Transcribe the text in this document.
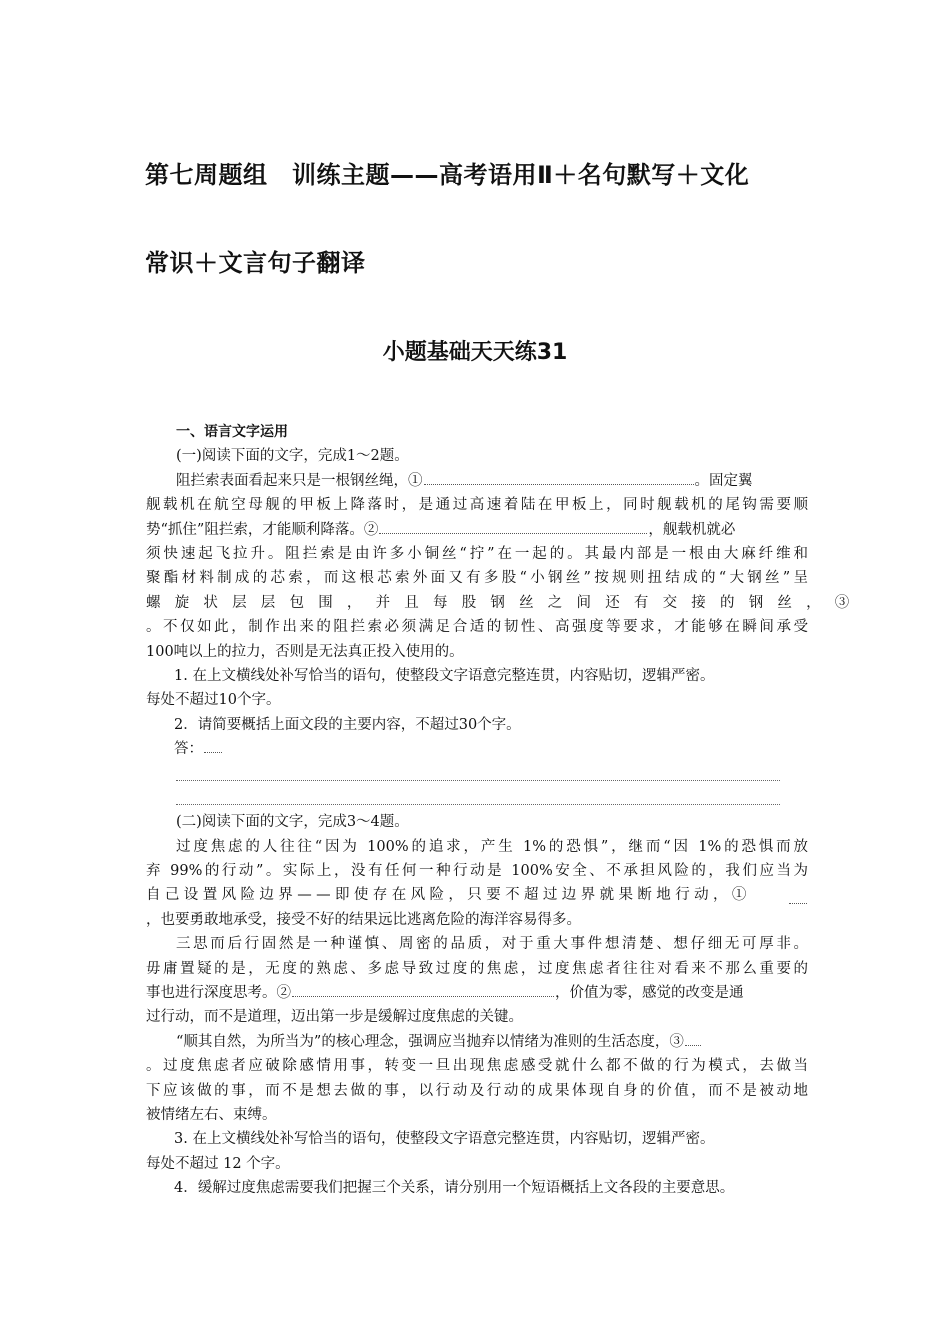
第七周题组　训练主题——高考语用Ⅱ＋名句默写＋文化
常识＋文言句子翻译
小题基础天天练31
一、语言文字运用
(一)阅读下面的文字，完成1～2题。
阻拦索表面看起来只是一根钢丝绳，①	。固定翼
舰载机在航空母舰的甲板上降落时，是通过高速着陆在甲板上，同时舰载机的尾钩需要顺
势“抓住”阻拦索，才能顺利降落。②	，舰载机就必
须快速起飞拉升。阻拦索是由许多小铜丝“拧”在一起的。其最内部是一根由大麻纤维和
聚酯材料制成的芯索，而这根芯索外面又有多股“小钢丝”按规则扭结成的“大钢丝”呈
螺旋状层层包围，并且每股钢丝之间还有交接的钢丝，③
。不仅如此，制作出来的阻拦索必须满足合适的韧性、高强度等要求，才能够在瞬间承受
100吨以上的拉力，否则是无法真正投入使用的。
1. 在上文横线处补写恰当的语句，使整段文字语意完整连贯，内容贴切，逻辑严密。
每处不超过10个字。
2．请简要概括上面文段的主要内容，不超过30个字。
答：
(二)阅读下面的文字，完成3～4题。
过度焦虑的人往往“因为 100%的追求，产生 1%的恐惧”，继而“因 1%的恐惧而放
弃 99%的行动”。实际上，没有任何一种行动是 100%安全、不承担风险的，我们应当为
自己设置风险边界——即使存在风险，只要不超过边界就果断地行动，①
，也要勇敢地承受，接受不好的结果远比逃离危险的海洋容易得多。
三思而后行固然是一种谨慎、周密的品质，对于重大事件想清楚、想仔细无可厚非。
毋庸置疑的是，无度的熟虑、多虑导致过度的焦虑，过度焦虑者往往对看来不那么重要的
事也进行深度思考。②	，价值为零，感觉的改变是通
过行动，而不是道理，迈出第一步是缓解过度焦虑的关键。
“顺其自然，为所当为”的核心理念，强调应当抛弃以情绪为准则的生活态度，③
。过度焦虑者应破除感情用事，转变一旦出现焦虑感受就什么都不做的行为模式，去做当
下应该做的事，而不是想去做的事，以行动及行动的成果体现自身的价值，而不是被动地
被情绪左右、束缚。
3. 在上文横线处补写恰当的语句，使整段文字语意完整连贯，内容贴切，逻辑严密。
每处不超过 12 个字。
4．缓解过度焦虑需要我们把握三个关系，请分别用一个短语概括上文各段的主要意思。
